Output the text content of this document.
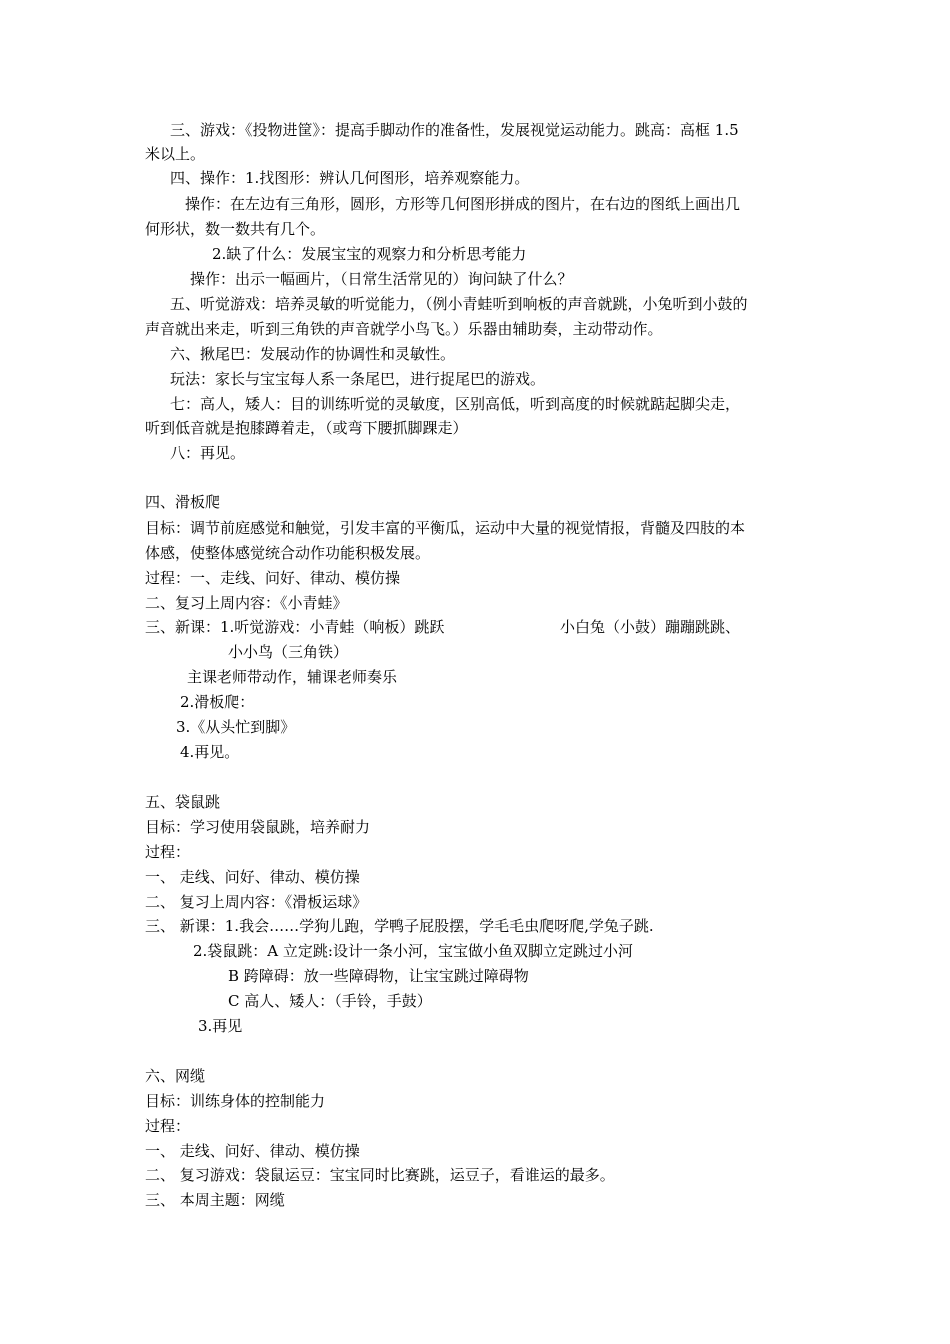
三、游戏：《投物进筐》：提高手脚动作的准备性，发展视觉运动能力。跳高：高框 1.5
米以上。
四、操作：1.找图形：辨认几何图形，培养观察能力。
操作：在左边有三角形，圆形，方形等几何图形拼成的图片，在右边的图纸上画出几
何形状，数一数共有几个。
2.缺了什么：发展宝宝的观察力和分析思考能力
操作：出示一幅画片，（日常生活常见的）询问缺了什么？
五、听觉游戏：培养灵敏的听觉能力，（例小青蛙听到响板的声音就跳，小兔听到小鼓的
声音就出来走，听到三角铁的声音就学小鸟飞。）乐器由辅助奏，主动带动作。
六、揪尾巴：发展动作的协调性和灵敏性。
玩法：家长与宝宝每人系一条尾巴，进行捉尾巴的游戏。
七：高人，矮人：目的训练听觉的灵敏度，区别高低，听到高度的时候就踮起脚尖走，
听到低音就是抱膝蹲着走，（或弯下腰抓脚踝走）
八：再见。
四、滑板爬
目标：调节前庭感觉和触觉，引发丰富的平衡瓜，运动中大量的视觉情报，背髓及四肢的本
体感，使整体感觉统合动作功能积极发展。
过程：一、走线、问好、律动、模仿操
二、复习上周内容：《小青蛙》
三、新课：1.听觉游戏：小青蛙（响板）跳跃	小白兔（小鼓）蹦蹦跳跳、
小小鸟（三角铁）
主课老师带动作，辅课老师奏乐
2.滑板爬：
3.《从头忙到脚》
4.再见。
五、袋鼠跳
目标：学习使用袋鼠跳，培养耐力
过程：
一、 走线、问好、律动、模仿操
二、 复习上周内容：《滑板运球》
三、 新课：1.我会……学狗儿跑，学鸭子屁股摆，学毛毛虫爬呀爬,学兔子跳.
2.袋鼠跳：A 立定跳:设计一条小河，宝宝做小鱼双脚立定跳过小河
B 跨障碍：放一些障碍物，让宝宝跳过障碍物
C 高人、矮人：（手铃，手鼓）
3.再见
六、网缆
目标：训练身体的控制能力
过程：
一、 走线、问好、律动、模仿操
二、 复习游戏：袋鼠运豆：宝宝同时比赛跳，运豆子，看谁运的最多。
三、 本周主题：网缆
